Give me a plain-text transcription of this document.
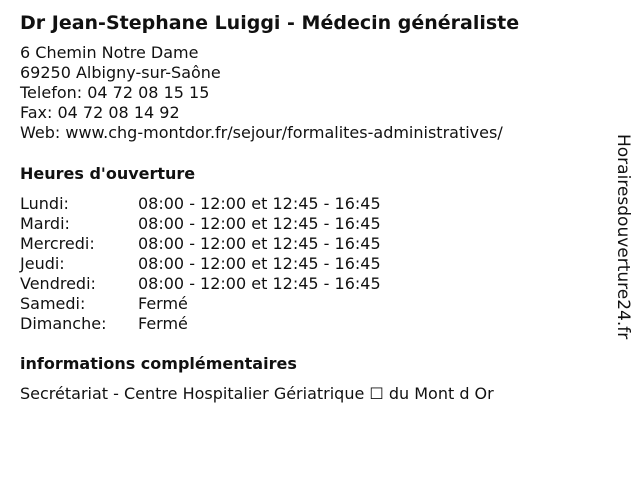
Dr Jean-Stephane Luiggi - Médecin généraliste
6 Chemin Notre Dame
69250 Albigny-sur-Saône
Telefon: 04 72 08 15 15
Fax: 04 72 08 14 92
Web: www.chg-montdor.fr/sejour/formalites-administratives/
Heures d'ouverture
Lundi:	08:00 - 12:00 et 12:45 - 16:45
Mardi:	08:00 - 12:00 et 12:45 - 16:45
Mercredi:	08:00 - 12:00 et 12:45 - 16:45
Jeudi:	08:00 - 12:00 et 12:45 - 16:45
Vendredi:	08:00 - 12:00 et 12:45 - 16:45
Samedi:	Fermé
Dimanche: Fermé
informations complémentaires
Secrétariat - Centre Hospitalier Gériatrique ☐ du Mont d Or
Horairesdouverture24.fr
